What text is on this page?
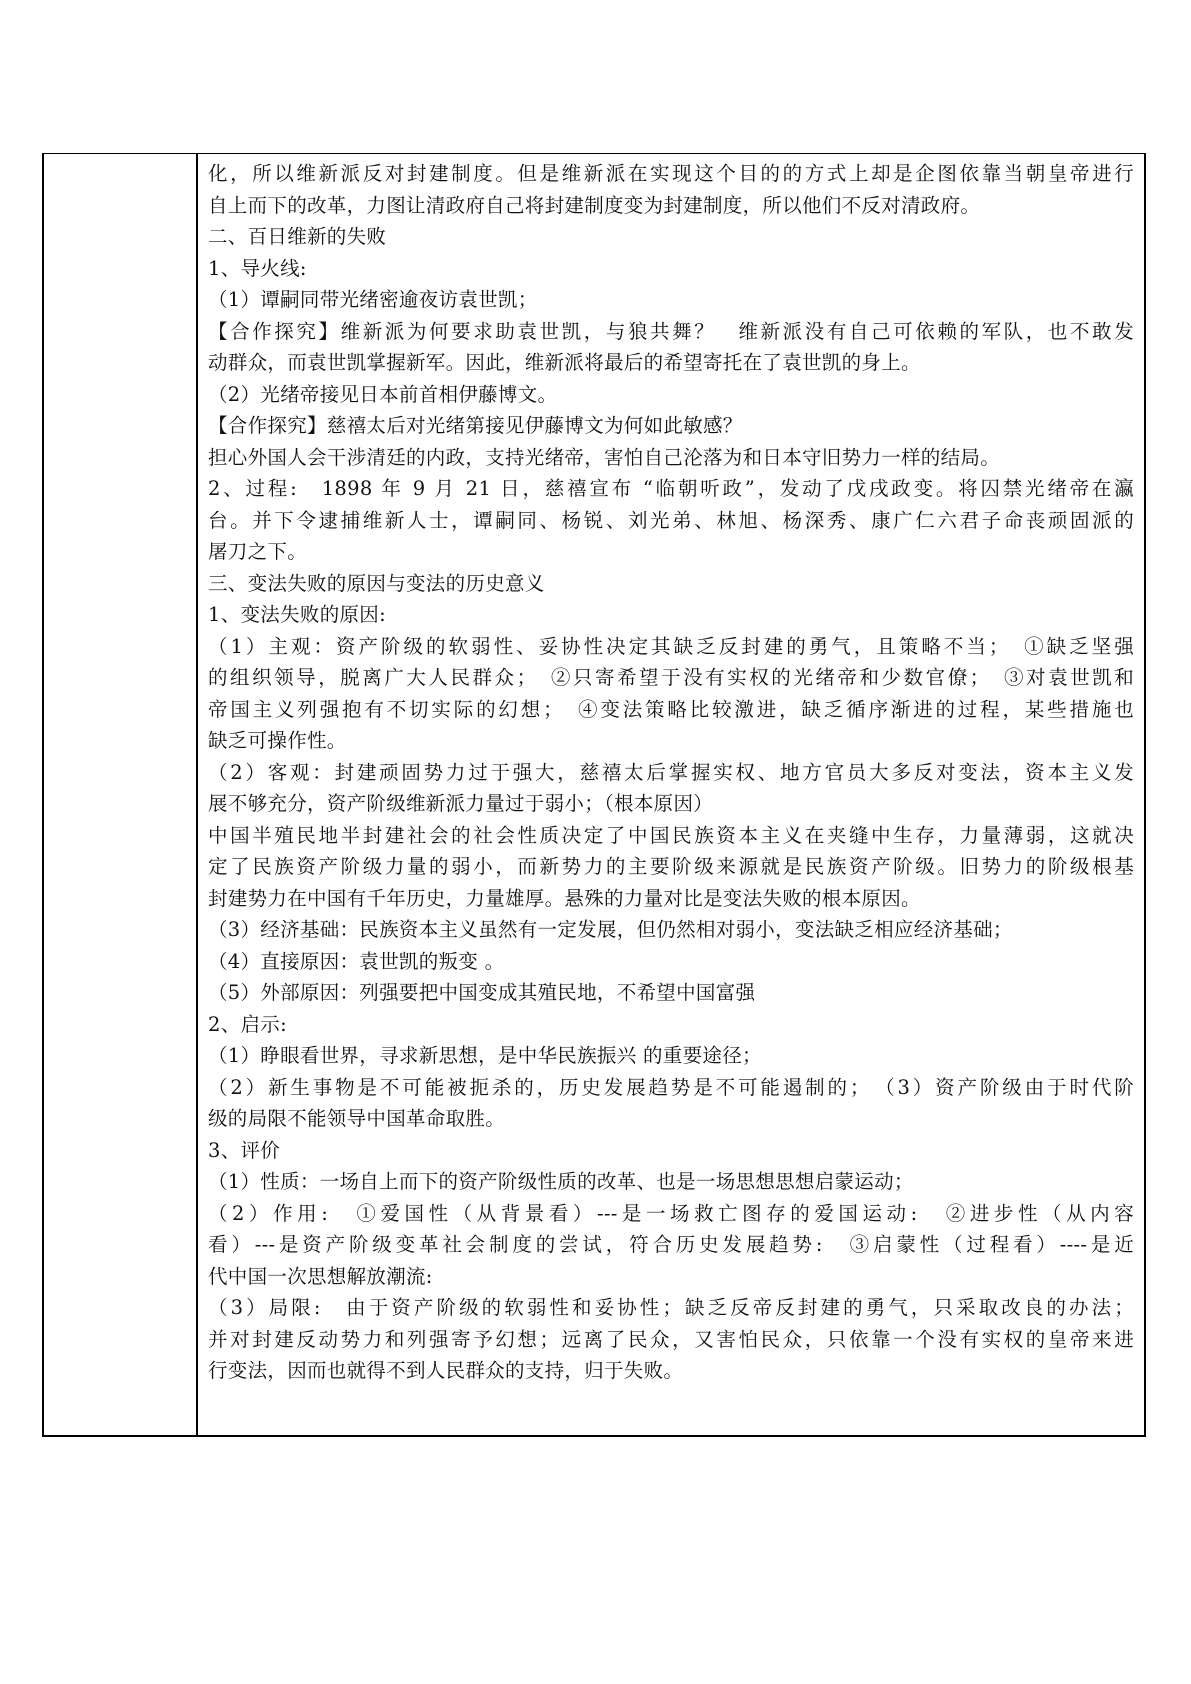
化，所以维新派反对封建制度。但是维新派在实现这个目的的方式上却是企图依靠当朝皇帝进行
自上而下的改革，力图让清政府自己将封建制度变为封建制度，所以他们不反对清政府。
二、百日维新的失败
1、导火线:
（1）谭嗣同带光绪密逾夜访袁世凯；
【合作探究】维新派为何要求助袁世凯，与狼共舞？　维新派没有自己可依赖的军队，也不敢发
动群众，而袁世凯掌握新军。因此，维新派将最后的希望寄托在了袁世凯的身上。
（2）光绪帝接见日本前首相伊藤博文。
【合作探究】慈禧太后对光绪第接见伊藤博文为何如此敏感？
担心外国人会干涉清廷的内政，支持光绪帝，害怕自己沦落为和日本守旧势力一样的结局。
2、过程:　1898 年 9 月 21 日，慈禧宣布 “临朝听政”，发动了戊戌政变。将囚禁光绪帝在瀛
台。并下令逮捕维新人士，谭嗣同、杨锐、刘光弟、林旭、杨深秀、康广仁六君子命丧顽固派的
屠刀之下。
三、变法失败的原因与变法的历史意义
1、变法失败的原因:
（1）主观：资产阶级的软弱性、妥协性决定其缺乏反封建的勇气，且策略不当；　①缺乏坚强
的组织领导，脱离广大人民群众；　②只寄希望于没有实权的光绪帝和少数官僚；　③对袁世凯和
帝国主义列强抱有不切实际的幻想；　④变法策略比较激进，缺乏循序渐进的过程，某些措施也
缺乏可操作性。
（2）客观：封建顽固势力过于强大，慈禧太后掌握实权、地方官员大多反对变法，资本主义发
展不够充分，资产阶级维新派力量过于弱小；（根本原因）
中国半殖民地半封建社会的社会性质决定了中国民族资本主义在夹缝中生存，力量薄弱，这就决
定了民族资产阶级力量的弱小，而新势力的主要阶级来源就是民族资产阶级。旧势力的阶级根基
封建势力在中国有千年历史，力量雄厚。悬殊的力量对比是变法失败的根本原因。
（3）经济基础：民族资本主义虽然有一定发展，但仍然相对弱小，变法缺乏相应经济基础；
（4）直接原因：袁世凯的叛变 。
（5）外部原因：列强要把中国变成其殖民地，不希望中国富强
2、启示:
（1）睁眼看世界，寻求新思想，是中华民族振兴 的重要途径；
（2）新生事物是不可能被扼杀的，历史发展趋势是不可能遏制的；　（3）资产阶级由于时代阶
级的局限不能领导中国革命取胜。
3、评价
（1）性质：一场自上而下的资产阶级性质的改革、也是一场思想思想启蒙运动；
（2）作用:　①爱国性（从背景看）---是一场救亡图存的爱国运动:　②进步性（从内容
看）---是资产阶级变革社会制度的尝试，符合历史发展趋势:　③启蒙性（过程看）----是近
代中国一次思想解放潮流:
（3）局限:　由于资产阶级的软弱性和妥协性；缺乏反帝反封建的勇气，只采取改良的办法；
并对封建反动势力和列强寄予幻想；远离了民众，又害怕民众，只依靠一个没有实权的皇帝来进
行变法，因而也就得不到人民群众的支持，归于失败。
